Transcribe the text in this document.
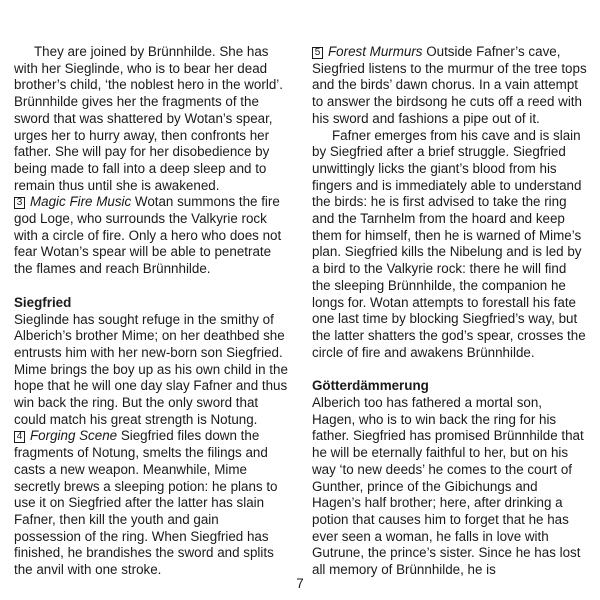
They are joined by Brünnhilde. She has with her Sieglinde, who is to bear her dead brother’s child, ‘the noblest hero in the world’. Brünnhilde gives her the fragments of the sword that was shattered by Wotan’s spear, urges her to hurry away, then confronts her father. She will pay for her disobedience by being made to fall into a deep sleep and to remain thus until she is awakened.

3 Magic Fire Music Wotan summons the fire god Loge, who surrounds the Valkyrie rock with a circle of fire. Only a hero who does not fear Wotan’s spear will be able to penetrate the flames and reach Brünnhilde.

Siegfried

Sieglinde has sought refuge in the smithy of Alberich’s brother Mime; on her deathbed she entrusts him with her new-born son Siegfried. Mime brings the boy up as his own child in the hope that he will one day slay Fafner and thus win back the ring. But the only sword that could match his great strength is Notung.

4 Forging Scene Siegfried files down the fragments of Notung, smelts the filings and casts a new weapon. Meanwhile, Mime secretly brews a sleeping potion: he plans to use it on Siegfried after the latter has slain Fafner, then kill the youth and gain possession of the ring. When Siegfried has finished, he brandishes the sword and splits the anvil with one stroke.

5 Forest Murmurs Outside Fafner’s cave, Siegfried listens to the murmur of the tree tops and the birds’ dawn chorus. In a vain attempt to answer the birdsong he cuts off a reed with his sword and fashions a pipe out of it.

Fafner emerges from his cave and is slain by Siegfried after a brief struggle. Siegfried unwittingly licks the giant’s blood from his fingers and is immediately able to understand the birds: he is first advised to take the ring and the Tarnhelm from the hoard and keep them for himself, then he is warned of Mime’s plan. Siegfried kills the Nibelung and is led by a bird to the Valkyrie rock: there he will find the sleeping Brünnhilde, the companion he longs for. Wotan attempts to forestall his fate one last time by blocking Siegfried’s way, but the latter shatters the god’s spear, crosses the circle of fire and awakens Brünnhilde.

Götterdämmerung

Alberich too has fathered a mortal son, Hagen, who is to win back the ring for his father. Siegfried has promised Brünnhilde that he will be eternally faithful to her, but on his way ‘to new deeds’ he comes to the court of Gunther, prince of the Gibichungs and Hagen’s half brother; here, after drinking a potion that causes him to forget that he has ever seen a woman, he falls in love with Gutrune, the prince’s sister. Since he has lost all memory of Brünnhilde, he is

7
